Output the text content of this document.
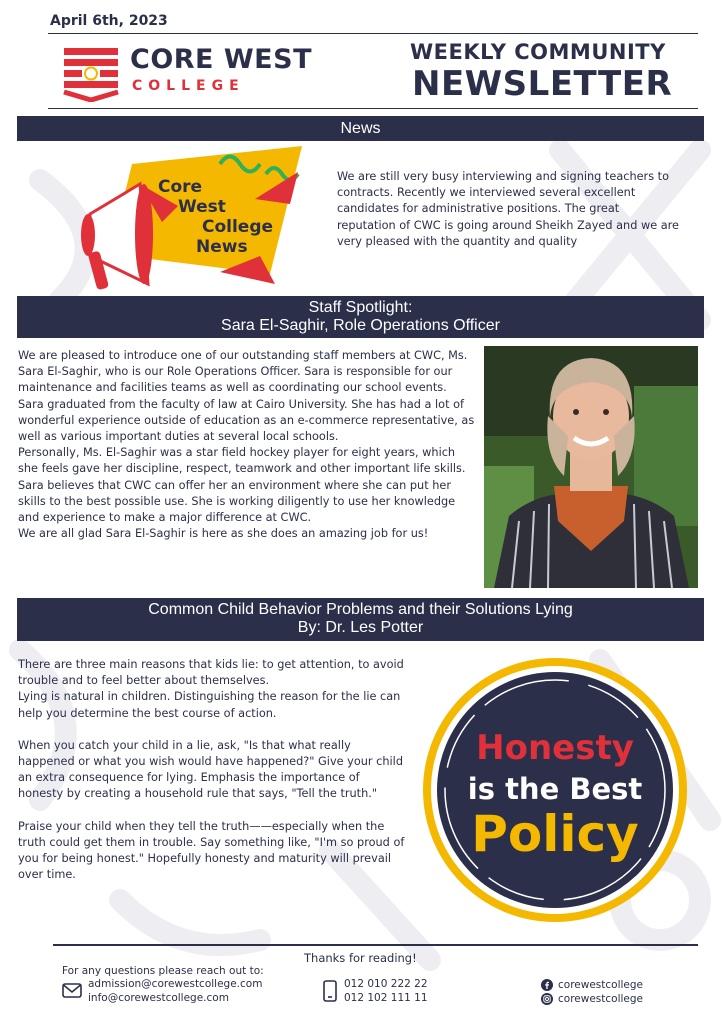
April 6th, 2023
CORE WEST
COLLEGE
WEEKLY COMMUNITY
NEWSLETTER
News
Core
West
College
News
We are still very busy interviewing and signing teachers to contracts. Recently we interviewed several excellent candidates for administrative positions. The great reputation of CWC is going around Sheikh Zayed and we are very pleased with the quantity and quality
Staff Spotlight:
Sara El-Saghir, Role Operations Officer
We are pleased to introduce one of our outstanding staff members at CWC, Ms. Sara El-Saghir, who is our Role Operations Officer. Sara is responsible for our maintenance and facilities teams as well as coordinating our school events.
Sara graduated from the faculty of law at Cairo University. She has had a lot of wonderful experience outside of education as an e-commerce representative, as well as various important duties at several local schools.
Personally, Ms. El-Saghir was a star field hockey player for eight years, which she feels gave her discipline, respect, teamwork and other important life skills.
Sara believes that CWC can offer her an environment where she can put her skills to the best possible use. She is working diligently to use her knowledge and experience to make a major difference at CWC.
We are all glad Sara El-Saghir is here as she does an amazing job for us!
Common Child Behavior Problems and their Solutions Lying
By: Dr. Les Potter
There are three main reasons that kids lie: to get attention, to avoid trouble and to feel better about themselves.
Lying is natural in children. Distinguishing the reason for the lie can help you determine the best course of action.
When you catch your child in a lie, ask, "Is that what really happened or what you wish would have happened?" Give your child an extra consequence for lying. Emphasis the importance of honesty by creating a household rule that says, "Tell the truth."
Praise your child when they tell the truth——especially when the truth could get them in trouble. Say something like, "I'm so proud of you for being honest." Hopefully honesty and maturity will prevail over time.
Honesty
is the Best
Policy
Thanks for reading!
For any questions please reach out to:
admission@corewestcollege.com
info@corewestcollege.com
012 010 222 22
012 102 111 11
corewestcollege
corewestcollege
